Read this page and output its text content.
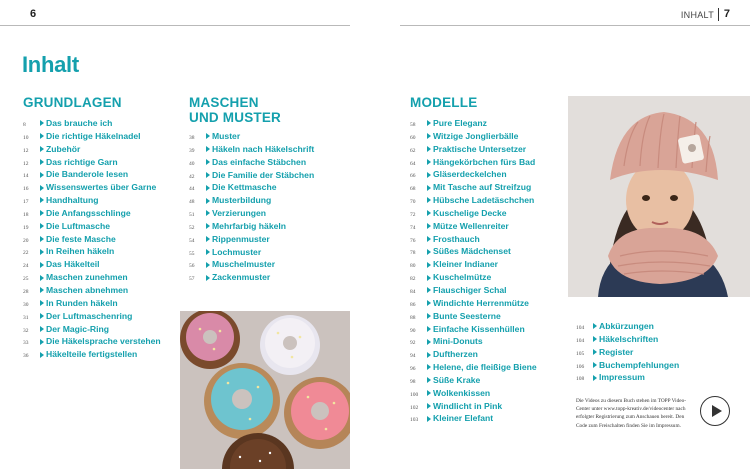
6	INHALT 7
Inhalt
GRUNDLAGEN	MASCHEN
UND MUSTER
MODELLE
8	Das brauche ich
10	Die richtige Häkelnadel
12	Zubehör
12	Das richtige Garn
14	Die Banderole lesen
16	Wissenswertes über Garne
17	Handhaltung
18	Die Anfangsschlinge
19	Die Luftmasche
20	Die feste Masche
22	In Reihen häkeln
24	Das Häkelteil
25	Maschen zunehmen
28	Maschen abnehmen
30	In Runden häkeln
31	Der Luftmaschenring
32	Der Magic-Ring
33	Die Häkelsprache verstehen
36	Häkelteile fertigstellen
38	Muster
39	Häkeln nach Häkelschrift
40	Das einfache Stäbchen
42	Die Familie der Stäbchen
44	Die Kettmasche
48	Musterbildung
51	Verzierungen
52	Mehrfarbig häkeln
54	Rippenmuster
55	Lochmuster
56	Muschelmuster
57	Zackenmuster
58	Pure Eleganz
60	Witzige Jonglierbälle
62	Praktische Untersetzer
64	Hängekörbchen fürs Bad
66	Gläserdeckelchen
68	Mit Tasche auf Streifzug
70	Hübsche Ladetäschchen
72	Kuschelige Decke
74	Mütze Wellenreiter
76	Frosthauch
78	Süßes Mädchenset
80	Kleiner Indianer
82	Kuschelmütze
84	Flauschiger Schal
86	Windichte Herrenmütze
88	Bunte Seesterne
90	Einfache Kissenhüllen
92	Mini-Donuts
94	Duftherzen
96	Helene, die fleißige Biene
98	Süße Krake
100	Wolkenkissen
102	Windlicht in Pink
103	Kleiner Elefant
104	Abkürzungen
104	Häkelschriften
105	Register
106	Buchempfehlungen
108	Impressum

Die Videos zu diesem Buch stehen im TOPP Video-Center unter www.topp-kreativ.de/videocenter nach erfolgter Registrierung zum Anschauen bereit. Den Code zum Freischalten finden Sie im Impressum.
